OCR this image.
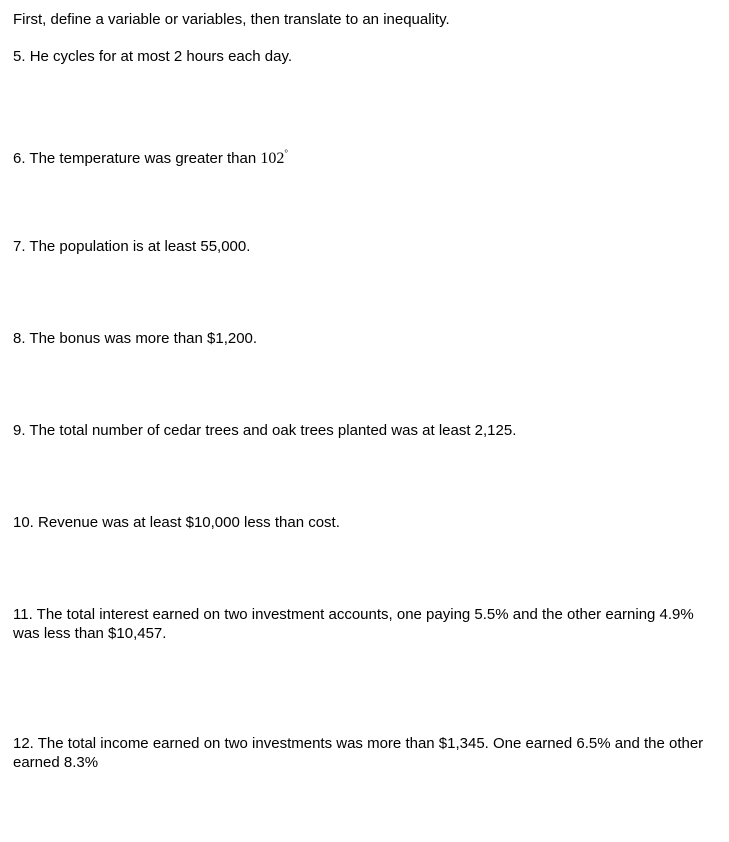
First, define a variable or variables, then translate to an inequality.

5. He cycles for at most 2 hours each day.

6. The temperature was greater than 102°

7. The population is at least 55,000.

8. The bonus was more than $1,200.

9. The total number of cedar trees and oak trees planted was at least 2,125.

10. Revenue was at least $10,000 less than cost.

11. The total interest earned on two investment accounts, one paying 5.5% and the other earning 4.9% was less than $10,457.

12. The total income earned on two investments was more than $1,345. One earned 6.5% and the other earned 8.3%
